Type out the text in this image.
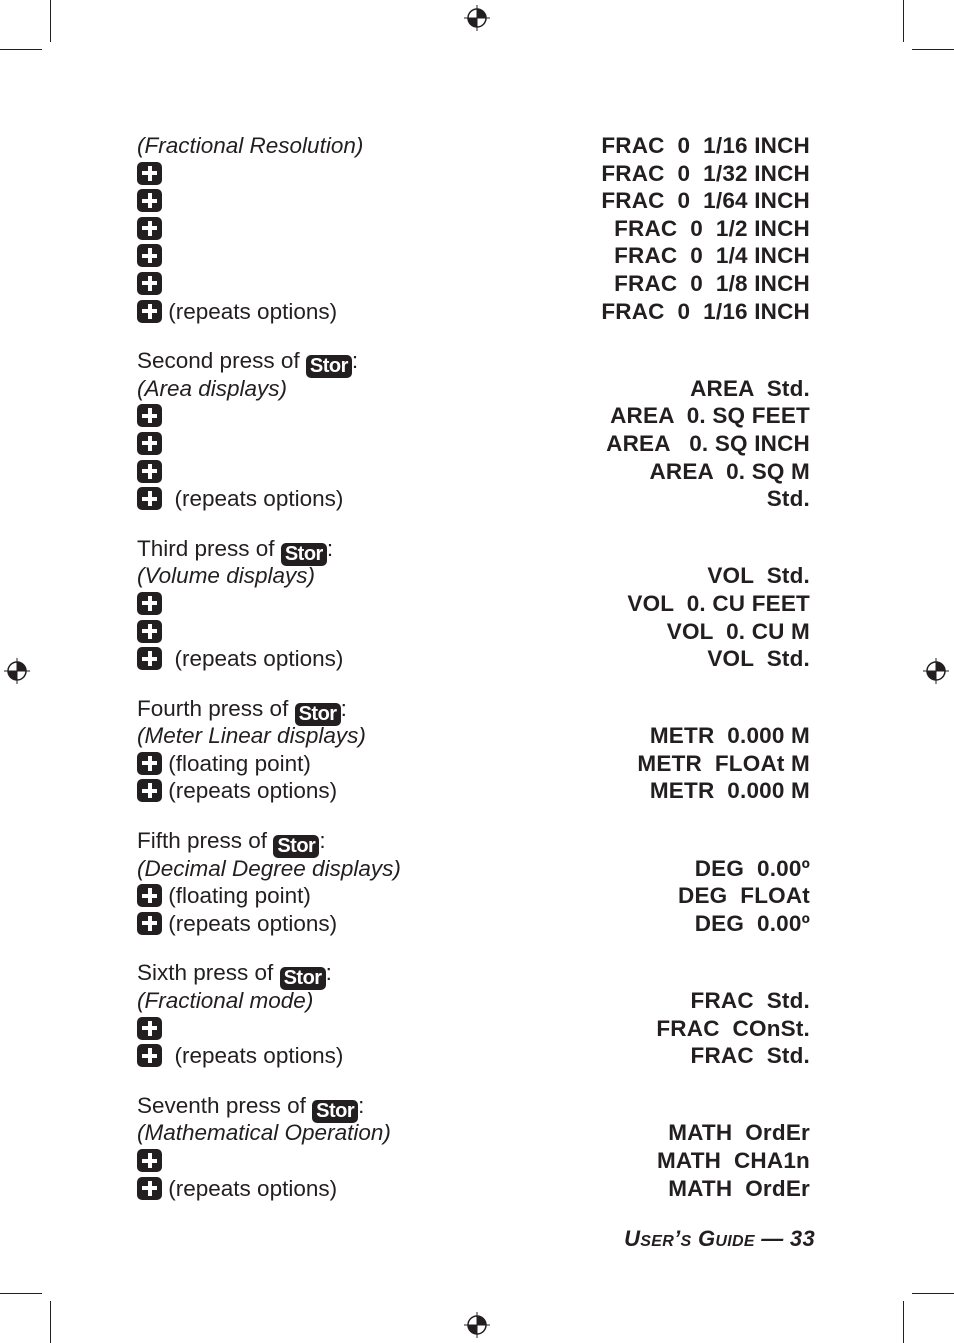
(Fractional Resolution)	FRAC  0  1/16 INCH
FRAC  0  1/32 INCH
FRAC  0  1/64 INCH
FRAC  0  1/2 INCH
FRAC  0  1/4 INCH
FRAC  0  1/8 INCH
(repeats options)	FRAC  0  1/16 INCH
Second press of Stor :
(Area displays)	AREA  Std.
AREA  0. SQ FEET
AREA   0. SQ INCH
AREA  0. SQ M
(repeats options)	Std.
Third press of Stor :
(Volume displays)	VOL  Std.
VOL  0. CU FEET
VOL  0. CU M
(repeats options)	VOL  Std.
Fourth press of Stor :
(Meter Linear displays)	METR  0.000 M
(floating point)	METR  FLOAt M
(repeats options)	METR  0.000 M
Fifth press of Stor :
(Decimal Degree displays)	DEG  0.00º
(floating point)	DEG  FLOAt
(repeats options)	DEG  0.00º
Sixth press of Stor :
(Fractional mode)	FRAC  Std.
FRAC  COnSt.
(repeats options)	FRAC  Std.
Seventh press of Stor :
(Mathematical Operation)	MATH  OrdEr
MATH  CHA1n
(repeats options)	MATH  OrdEr
USER’S GUIDE — 33
